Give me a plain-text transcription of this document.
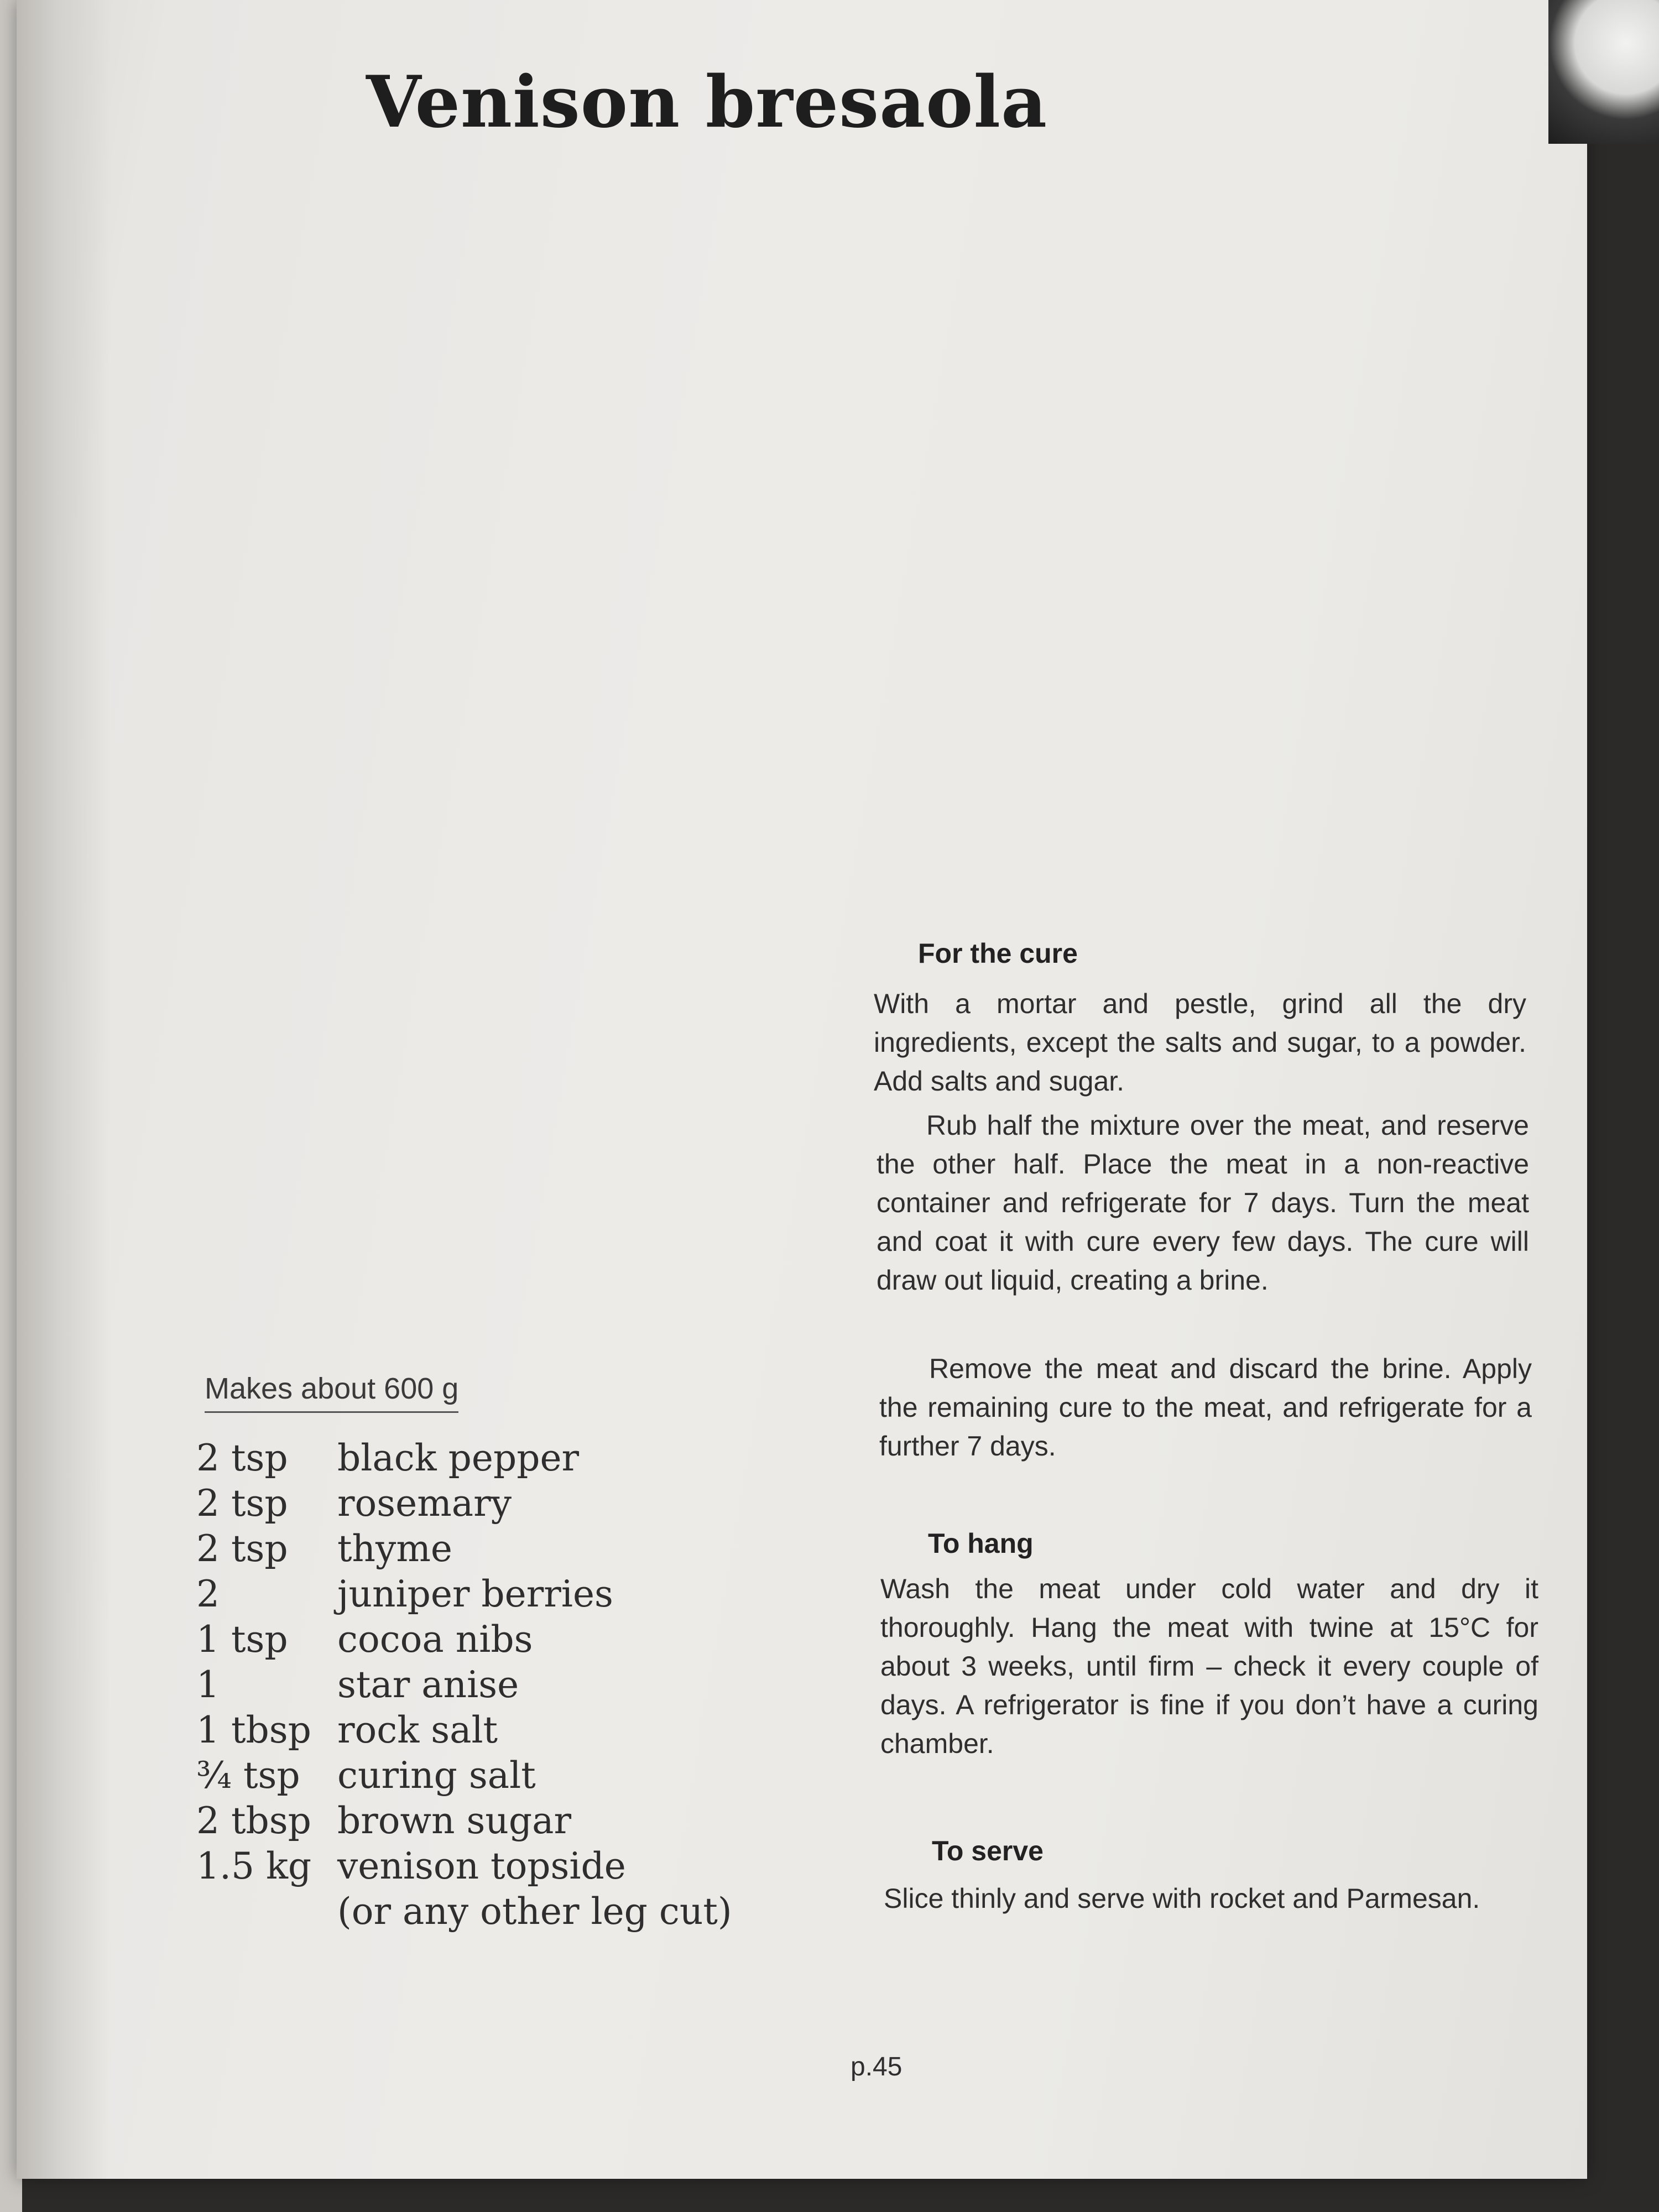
Venison bresaola
Makes about 600 g
2 tsp	black pepper
2 tsp	rosemary
2 tsp	thyme
2	juniper berries
1 tsp	cocoa nibs
1	star anise
1 tbsp rock salt
¾ tsp	curing salt
2 tbsp brown sugar
1.5 kg venison topside
(or any other leg cut)
For the cure

With a mortar and pestle, grind all the dry ingredients, except the salts and sugar, to a powder. Add salts and sugar.

Rub half the mixture over the meat, and reserve the other half. Place the meat in a non-reactive container and refrigerate for 7 days. Turn the meat and coat it with cure every few days. The cure will draw out liquid, creating a brine.

Remove the meat and discard the brine. Apply the remaining cure to the meat, and refrigerate for a further 7 days.

To hang

Wash the meat under cold water and dry it thoroughly. Hang the meat with twine at 15°C for about 3 weeks, until firm – check it every couple of days. A refrigerator is fine if you don’t have a curing chamber.

To serve

Slice thinly and serve with rocket and Parmesan.

p.45
